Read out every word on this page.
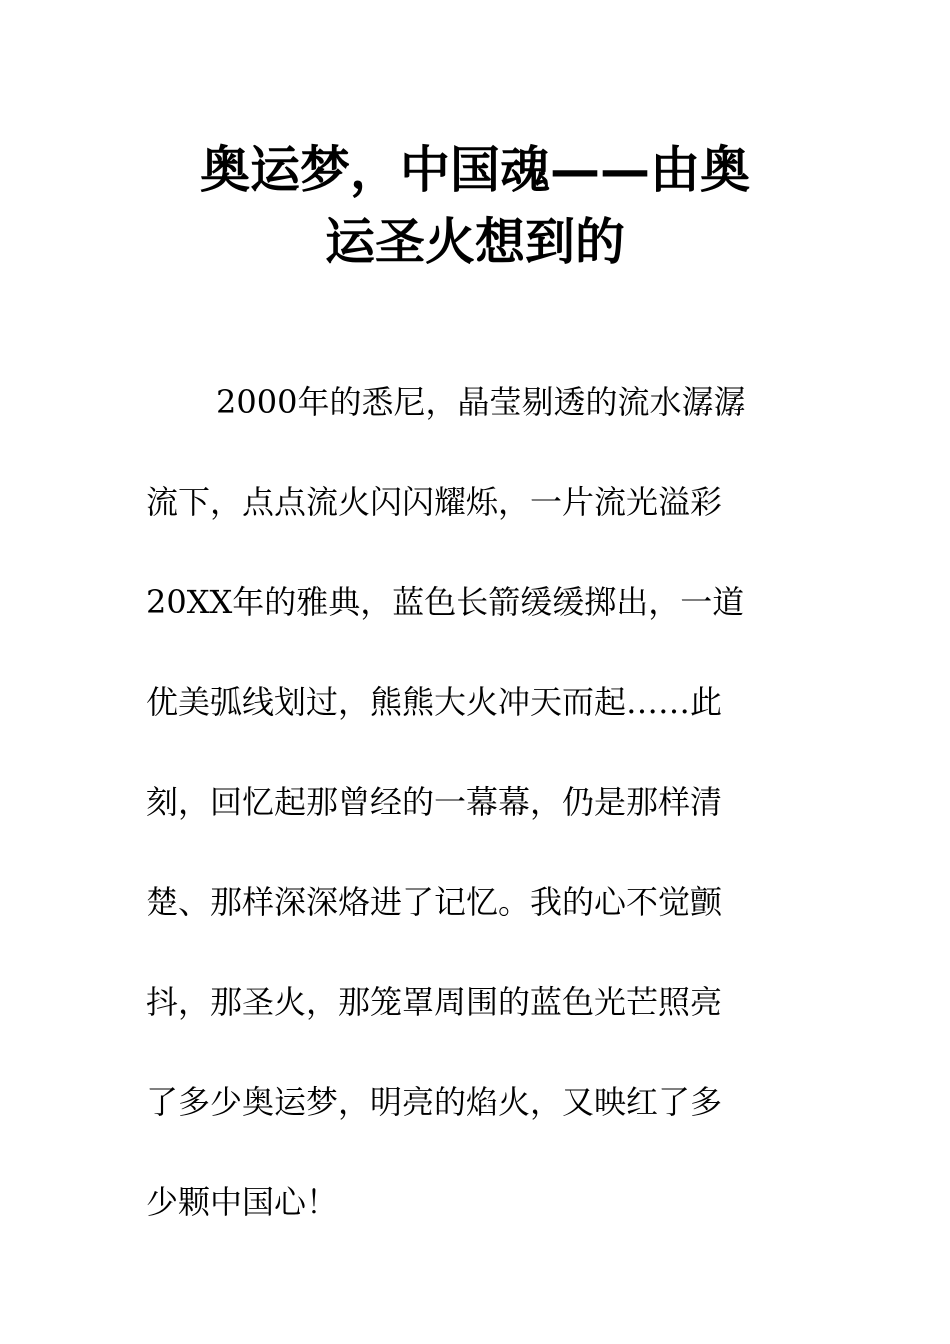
奥运梦，中国魂——由奥
运圣火想到的

2000年的悉尼，晶莹剔透的流水潺潺

流下，点点流火闪闪耀烁，一片流光溢彩

20XX年的雅典，蓝色长箭缓缓掷出，一道

优美弧线划过，熊熊大火冲天而起……此

刻，回忆起那曾经的一幕幕，仍是那样清

楚、那样深深烙进了记忆。我的心不觉颤

抖，那圣火，那笼罩周围的蓝色光芒照亮

了多少奥运梦，明亮的焰火，又映红了多

少颗中国心！
